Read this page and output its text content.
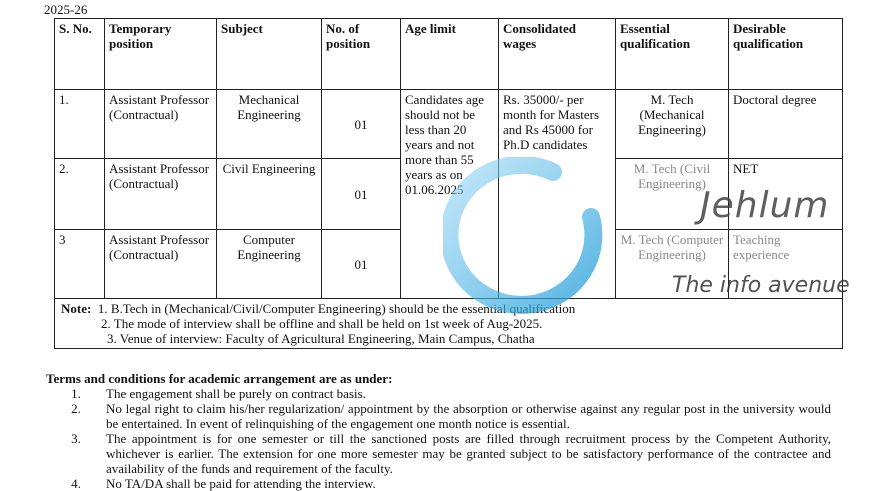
2025-26
S. No.	Temporary position	Subject	No. of position	Age limit	Consolidated wages	Essential qualification	Desirable qualification
1.	Assistant Professor (Contractual)	Mechanical Engineering	01	Candidates age should not be less than 20 years and not more than 55 years as on 01.06.2025	Rs. 35000/- per month for Masters and Rs 45000 for Ph.D candidates	M. Tech (Mechanical Engineering)	Doctoral degree
2.	Assistant Professor (Contractual)	Civil Engineering	01			M. Tech (Civil Engineering)	NET
3	Assistant Professor (Contractual)	Computer Engineering	01			M. Tech (Computer Engineering)	Teaching experience

Note: 1. B.Tech in (Mechanical/Civil/Computer Engineering) should be the essential qualification
2. The mode of interview shall be offline and shall be held on 1st week of Aug-2025.
3. Venue of interview: Faculty of Agricultural Engineering, Main Campus, Chatha							
Terms and conditions for academic arrangement are as under:
1.	The engagement shall be purely on contract basis.
2.	No legal right to claim his/her regularization/ appointment by the absorption or otherwise against any regular post in the university would be entertained. In event of relinquishing of the engagement one month notice is essential.
3.	The appointment is for one semester or till the sanctioned posts are filled through recruitment process by the Competent Authority, whichever is earlier. The extension for one more semester may be granted subject to be satisfactory performance of the contractee and availability of the funds and requirement of the faculty.
4.	No TA/DA shall be paid for attending the interview.
Jehlum
The info avenue
